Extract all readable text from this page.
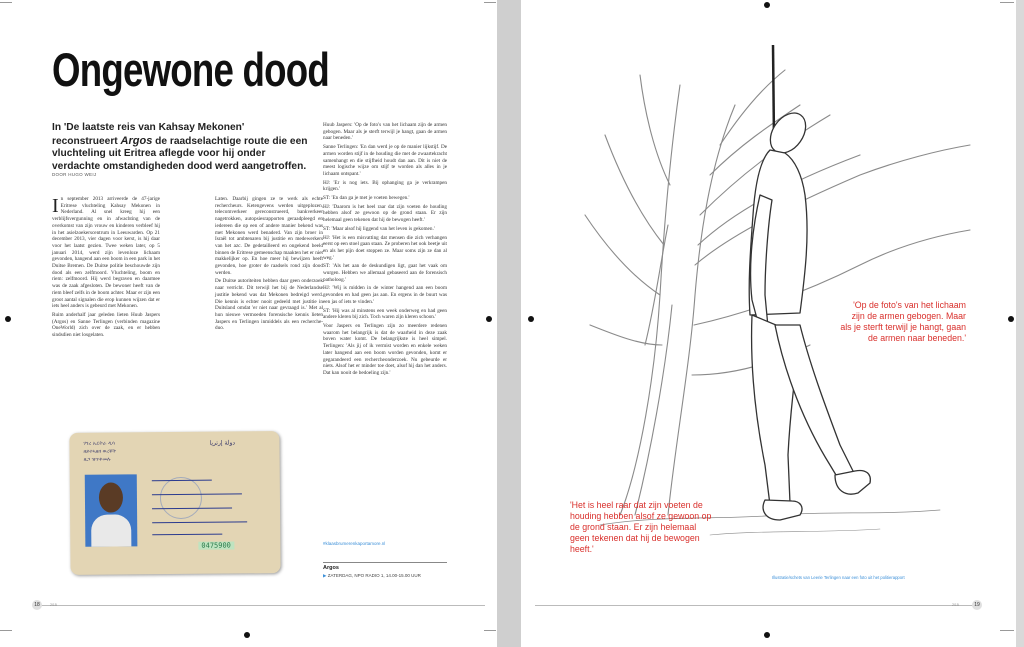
Ongewone dood

In 'De laatste reis van Kahsay Mekonen' reconstrueert Argos de raadselachtige route die een vluchteling uit Eritrea aflegde voor hij onder verdachte omstandigheden dood werd aangetroffen.

DOOR HUGO WEIJ
I n september 2013 arriveerde de 47-jarige Eritrese vluchteling Kahsay Mekonen in Nederland. Al snel kreeg hij een verblijfsvergunning en in afwachting van de overkomst van zijn vrouw en kinderen verbleef hij in het asielzoekerscentrum in Leeuwarden. Op 21 december 2013, vier dagen voor kerst, is hij daar voor het laatst gezien. Twee weken later, op 5 januari 2014, werd zijn levenloze lichaam gevonden, hangend aan een boom in een park in het Duitse Bremen. De Duitse politie beschouwde zijn dood als een zelfmoord. Vluchteling, boom en riem: zelfmoord. Hij werd begraven en daarmee was de zaak afgesloten. De bewoner heeft van de riem bleef zelfs in de boom achter. Maar er zijn een groot aantal signalen die erop kunnen wijzen dat er iets heel anders is gebeurd met Mekonen.

Ruim anderhalf jaar geleden lieten Huub Jaspers (Argos) en Sanne Terlingen (verbinden magazine OneWorld) zich over de zaak, en er hebben sindsdien niet losgelaten.

Laten. Daarbij gingen ze te werk als echte rechercheurs. Ketengevens werden uitgeplozen, telecomverkeer gereconstrueerd, bankverkeer nagetrokken, autopsiesrapporten geraadpleegd en iedereen die op een of andere manier bekend was met Mekonen werd benaderd. Van zijn broer in Israël tot ambtenaren bij justitie en medewerkers van het azc. De gedetailleerd en ongekend beeld binnen de Eritrese gemeenschap maakten het er niet makkelijker op. En hoe meer hij bewijzen heeft gevonden, hoe groter de raadsels rond zijn dood werden.

De Duitse autoriteiten hebben daar geen onderzoek naar verricht. Dit terwijl het bij de Nederlandse justitie bekend was dat Mekonen bedreigd werd. Die kennis is echter nooit gedeeld met justitie in Duitsland omdat 'er niet naar gevraagd is.' Met al hun nieuwe vermoeden forensische kennis lieten Jaspers en Terlingen inmiddels als een recherche-duo.

Huub Jaspers: 'Op de foto's van het lichaam zijn de armen gebogen. Maar als je sterft terwijl je hangt, gaan de armen naar beneden.'

Sanne Terlingen: 'En dan werd je op de manier lijkstijf. De armen worden stijf in de houding die met de zwaartekracht samenhangt en die stijfheid houdt dan aan. Dit is niet de meest logische wijze om stijf te worden als alles in je lichaam ontspant.'

HJ: 'Er is nog iets. Bij ophanging ga je verkrampen krijgen.'

ST: 'En dan ga je met je voeten bewegen.'

HJ: 'Daarom is het heel raar dat zijn voeten de houding hebben alsof ze gewoon op de grond staan. Er zijn helemaal geen tekenen dat hij de bewogen heeft.'

ST: 'Maar alsof hij liggend van het leven is gekomen.'

HJ: 'Het is een misvatting dat mensen die zich verhangen eerst op een stoel gaan staan. Ze proberen het ook beetje uit en als het pijn doet stoppen ze. Maar soms zijn ze dan al weg.'

ST: 'Als het aan de deskundigen ligt, gaat het vaak om wurgen. Hebben we allemaal gebaseerd aan de forensisch patholoog.'

HJ: 'Wij is midden in de winter hangend aan een boom gevonden en had geen jas aan. En ergens in de buurt was een jas of iets te vinden.'

ST: 'Hij was al minstens een week onderweg en had geen andere kleren bij zich. Toch waren zijn kleren schoon.'

Voor Jaspers en Terlingen zijn zo meerdere redenen waarom het belangrijk is dat de waarheid in deze zaak boven water komt. De belangrijkste is heel simpel. Terlingen: 'Als jij of ik vermist worden en enkele weken later hangend aan een boom worden gevonden, komt er gegarandeerd een rechercheonderzoek. Nu gebeurde er niets. Alsof het er minder toe doet, alsof hij dan het anders. Dat kan nooit de bedoeling zijn.'

ሃገረ ኤርትራ ዲሳ
ዘይተኣዘዘ ወረቐት
ዜጋ ዝጥቀመሉ
دولة إرتريا
0475900	#klaasbrumerenkaportamore.nl
Argos
▶ ZATERDAG, NPO RADIO 1, 14.00-15.00 UUR
18	2/15

'Op de foto's van het lichaam zijn de armen gebogen. Maar als je sterft terwijl je hangt, gaan de armen naar beneden.'

'Het is heel raar dat zijn voeten de houding hebben alsof ze gewoon op de grond staan. Er zijn helemaal geen tekenen dat hij de bewogen heeft.'

Illustratie/schets van Leerie Terlingen naar een foto uit het politierapport
2/15	19
